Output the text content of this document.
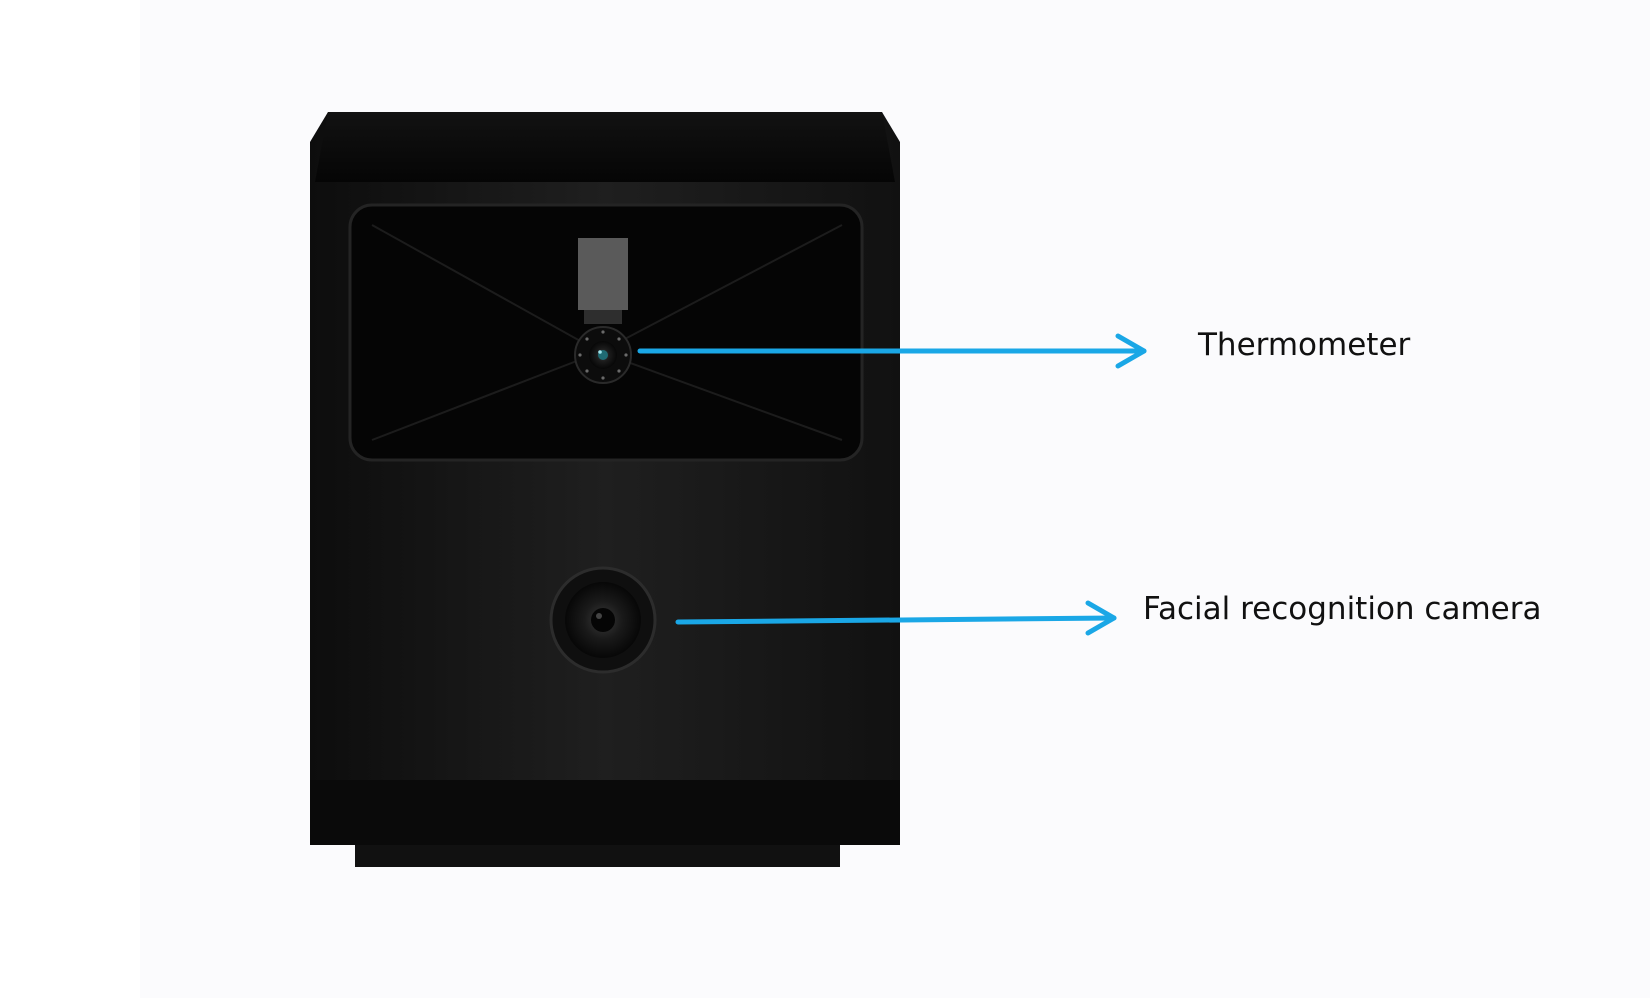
Thermometer
Facial recognition camera
